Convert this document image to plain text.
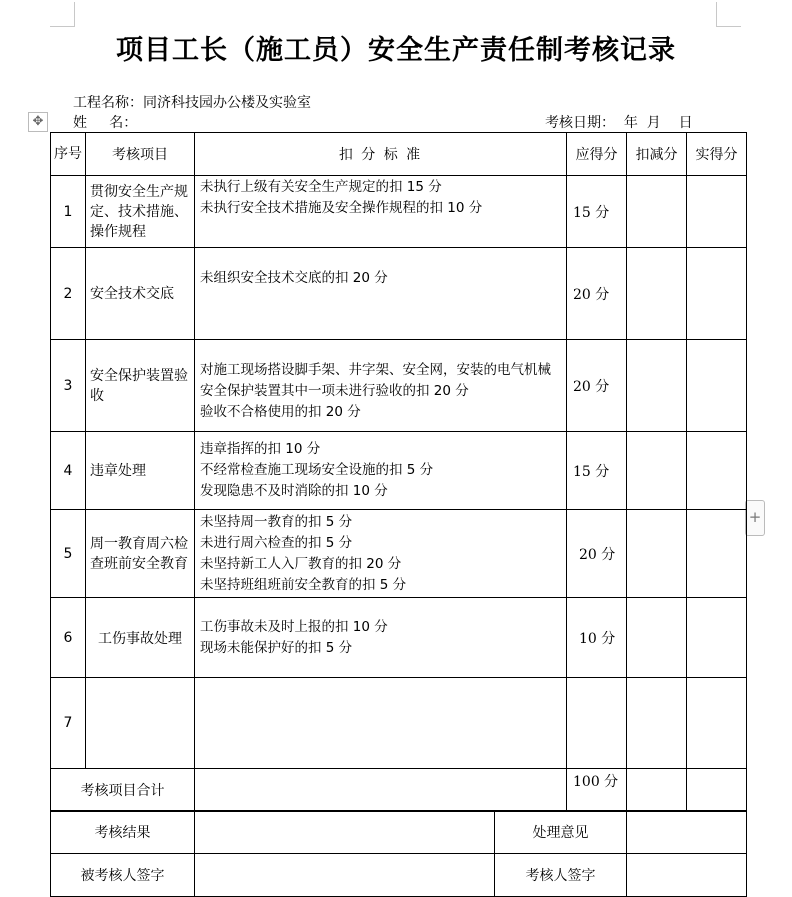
项目工长（施工员）安全生产责任制考核记录
工程名称：同济科技园办公楼及实验室
姓     名：	考核日期：  年  月    日
✥
+
序号	考核项目	扣 分 标 准	应得分	扣减分	实得分
1	贯彻安全生产规定、技术措施、操作规程	未执行上级有关安全生产规定的扣 15 分
未执行安全技术措施及安全操作规程的扣 10 分	15 分		
2	安全技术交底	未组织安全技术交底的扣 20 分	20 分		
3	安全保护装置验收	对施工现场搭设脚手架、井字架、安全网，安装的电气机械
安全保护装置其中一项未进行验收的扣 20 分
验收不合格使用的扣 20 分	20 分		
4	违章处理	违章指挥的扣 10 分
不经常检查施工现场安全设施的扣 5 分
发现隐患不及时消除的扣 10 分	15 分		
5	周一教育周六检查班前安全教育	未坚持周一教育的扣 5 分
未进行周六检查的扣 5 分
未坚持新工人入厂教育的扣 20 分
未坚持班组班前安全教育的扣 5 分	20 分		
6	工伤事故处理	工伤事故未及时上报的扣 10 分
现场未能保护好的扣 5 分	10 分		
7					
考核项目合计			100 分		
考核结果		处理意见	
被考核人签字		考核人签字	
